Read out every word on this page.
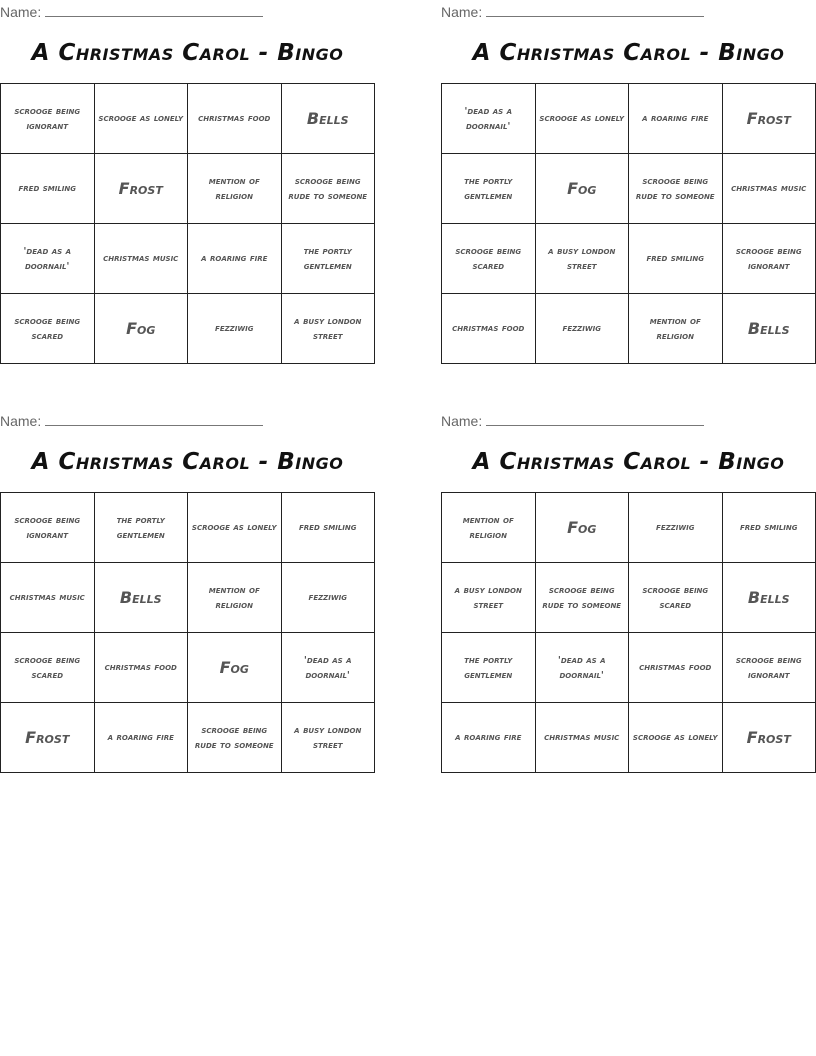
Name:
A Christmas Carol - Bingo
scrooge being ignorant	scrooge as lonely	christmas food	Bells
fred smiling	Frost	mention of religion	scrooge being rude to someone
'dead as a doornail'	christmas music	a roaring fire	the portly gentlemen
scrooge being scared	Fog	fezziwig	a busy london street
Name:
A Christmas Carol - Bingo
'dead as a doornail'	scrooge as lonely	a roaring fire	Frost
the portly gentlemen	Fog	scrooge being rude to someone	christmas music
scrooge being scared	a busy london street	fred smiling	scrooge being ignorant
christmas food	fezziwig	mention of religion	Bells
Name:
A Christmas Carol - Bingo
scrooge being ignorant	the portly gentlemen	scrooge as lonely	fred smiling
christmas music	Bells	mention of religion	fezziwig
scrooge being scared	christmas food	Fog	'dead as a doornail'
Frost	a roaring fire	scrooge being rude to someone	a busy london street
Name:
A Christmas Carol - Bingo
mention of religion	Fog	fezziwig	fred smiling
a busy london street	scrooge being rude to someone	scrooge being scared	Bells
the portly gentlemen	'dead as a doornail'	christmas food	scrooge being ignorant
a roaring fire	christmas music	scrooge as lonely	Frost
